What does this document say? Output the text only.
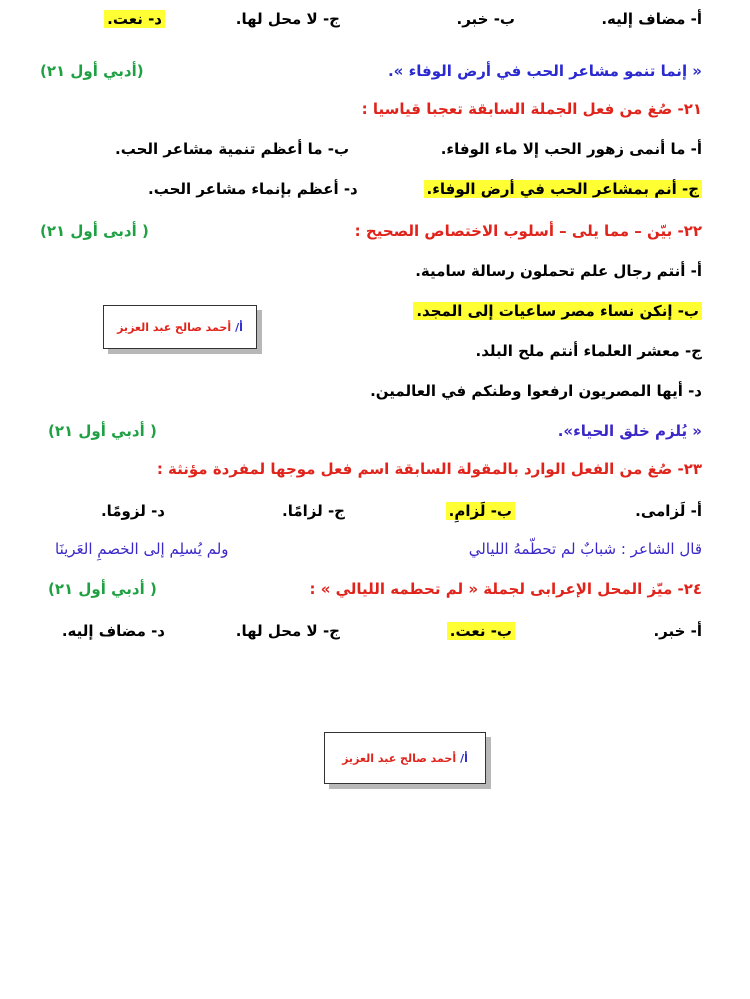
أ- مضاف إليه.
ب- خبر.
ج- لا محل لها.
د- نعت.
« إنما تنمو مشاعر الحب في أرض الوفاء ».
(أدبي أول ٢١)
٢١- صُغ من فعل الجملة السابقة تعجبا قياسيا :
أ- ما أنمى زهور الحب إلا ماء الوفاء.
ب- ما أعظم تنمية مشاعر الحب.
ج- أنم بمشاعر الحب في أرض الوفاء.
د- أعظم بإنماء مشاعر الحب.
٢٢- بيّن – مما يلى – أسلوب الاختصاص الصحيح :
( أدبى أول ٢١)
أ- أنتم رجال علم تحملون رسالة سامية.
ب- إنكن نساء مصر ساعيات إلى المجد.
أ/
أحمد صالح عبد العزيز
ج- معشر العلماء أنتم ملح البلد.
د- أيها المصريون ارفعوا وطنكم في العالمين.
« يُلزم خلق الحياء».
( أدبي أول ٢١)
٢٣- صُغ من الفعل الوارد بالمقولة السابقة اسم فعل موجها لمفردة مؤنثة :
أ- لَزامى.
ب- لَزامِ.
ج- لزامًا.
د- لزومًا.
قال الشاعر : شبابٌ لم تحطّمهُ الليالي
ولم يُسلِم إلى الخصمِ العَرينَا
٢٤- ميّز المحل الإعرابى لجملة « لم تحطمه الليالي » :
( أدبي أول ٢١)
أ- خبر.
ب- نعت.
ج- لا محل لها.
د- مضاف إليه.
أ/
أحمد صالح عبد العزيز
